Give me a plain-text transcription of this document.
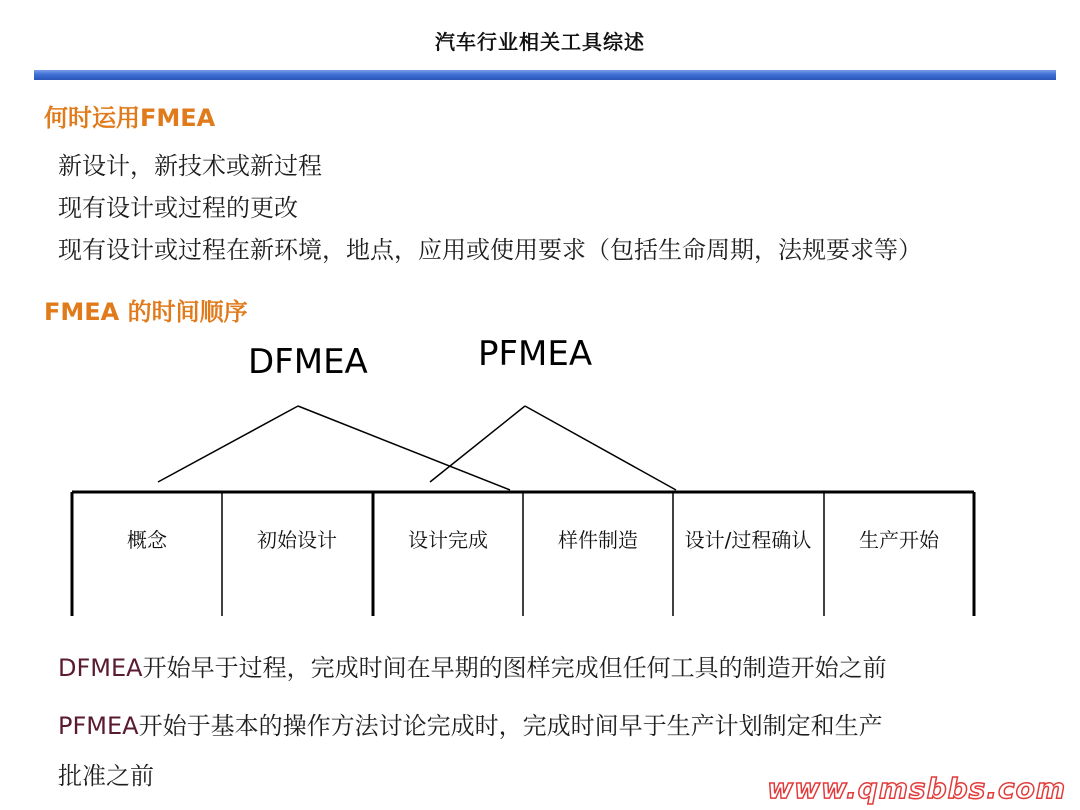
汽车行业相关工具综述
何时运用FMEA
新设计，新技术或新过程
现有设计或过程的更改
现有设计或过程在新环境，地点，应用或使用要求（包括生命周期，法规要求等）
FMEA 的时间顺序
DFMEA	PFMEA
概念	初始设计	设计完成	样件制造	设计/过程确认	生产开始
DFMEA开始早于过程，完成时间在早期的图样完成但任何工具的制造开始之前
PFMEA开始于基本的操作方法讨论完成时，完成时间早于生产计划制定和生产
批准之前	www.qmsbbs.com
